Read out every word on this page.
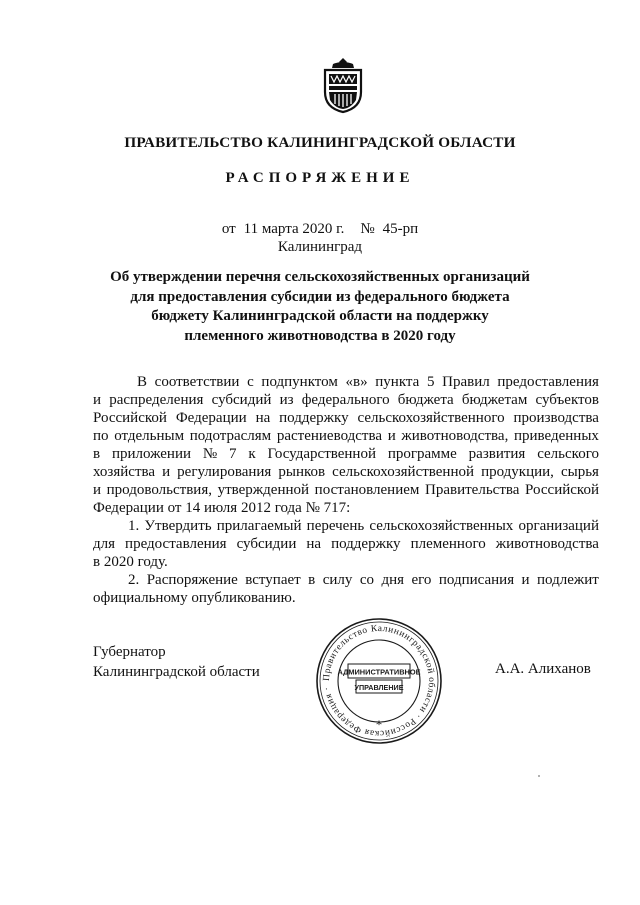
ПРАВИТЕЛЬСТВО КАЛИНИНГРАДСКОЙ ОБЛАСТИ
РАСПОРЯЖЕНИЕ
от 11 марта 2020 г. № 45-рп
Калининград
Об утверждении перечня сельскохозяйственных организаций
для предоставления субсидии из федерального бюджета
бюджету Калининградской области на поддержку
племенного животноводства в 2020 году
В соответствии с подпунктом «в» пункта 5 Правил предоставления
и распределения субсидий из федерального бюджета бюджетам субъектов
Российской Федерации на поддержку сельскохозяйственного производства
по отдельным подотраслям растениеводства и животноводства, приведенных
в приложении № 7 к Государственной программе развития сельского
хозяйства и регулирования рынков сельскохозяйственной продукции, сырья
и продовольствия, утвержденной постановлением Правительства Российской
Федерации от 14 июля 2012 года № 717:
1. Утвердить прилагаемый перечень сельскохозяйственных организаций
для предоставления субсидии на поддержку племенного животноводства
в 2020 году.
2. Распоряжение вступает в силу со дня его подписания и подлежит
официальному опубликованию.
Губернатор
Калининградской области	А.А. Алиханов
Правительство Калининградской области · Российская Федерация ·
АДМИНИСТРАТИВНОЕ
УПРАВЛЕНИЕ
*
